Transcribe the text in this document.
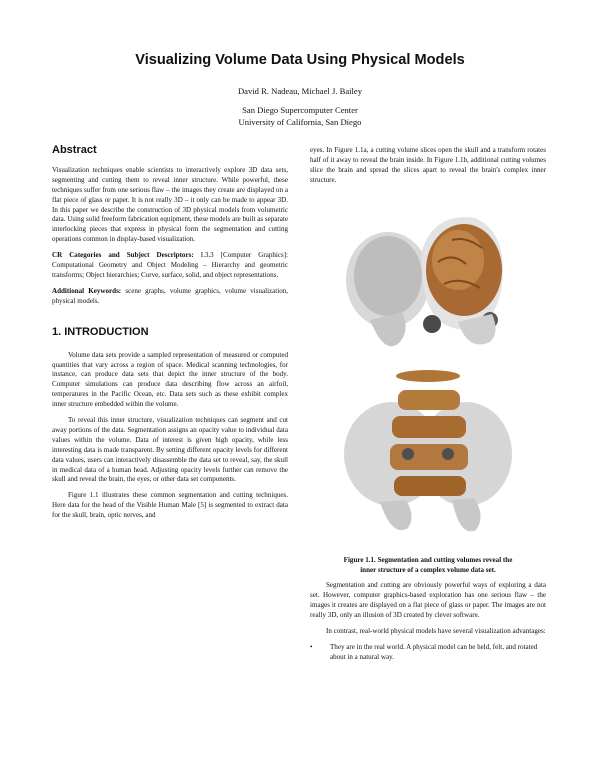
Visualizing Volume Data Using Physical Models
David R. Nadeau, Michael J. Bailey
San Diego Supercomputer Center
University of California, San Diego
Abstract

Visualization techniques enable scientists to interactively explore 3D data sets, segmenting and cutting them to reveal inner structure. While powerful, these techniques suffer from one serious flaw – the images they create are displayed on a flat piece of glass or paper. It is not really 3D – it only can be made to appear 3D. In this paper we describe the construction of 3D physical models from volumetric data. Using solid freeform fabrication equipment, these models are built as separate interlocking pieces that express in physical form the segmentation and cutting operations common in display-based visualization.

CR Categories and Subject Descriptors: I.3.3 [Computer Graphics]: Computational Geometry and Object Modeling – Hierarchy and geometric transforms; Object hierarchies; Curve, surface, solid, and object representations.

Additional Keywords: scene graphs, volume graphics, volume visualization, physical models.

1. INTRODUCTION

Volume data sets provide a sampled representation of measured or computed quantities that vary across a region of space. Medical scanning technologies, for instance, can produce data sets that depict the inner structure of the body. Computer simulations can produce data describing flow across an airfoil, temperatures in the Pacific Ocean, etc. Data sets such as these exhibit complex inner structure embedded within the volume.

To reveal this inner structure, visualization techniques can segment and cut away portions of the data. Segmentation assigns an opacity value to individual data values within the volume. Data of interest is given high opacity, while less interesting data is made transparent. By setting different opacity levels for different data values, users can interactively disassemble the data set to reveal, say, the skull in medical data of a human head. Adjusting opacity levels further can remove the skull and reveal the brain, the eyes, or other data set components.

Figure 1.1 illustrates these common segmentation and cutting techniques. Here data for the head of the Visible Human Male [5] is segmented to extract data for the skull, brain, optic nerves, and

eyes. In Figure 1.1a, a cutting volume slices open the skull and a transform rotates half of it away to reveal the brain inside. In Figure 1.1b, additional cutting volumes slice the brain and spread the slices apart to reveal the brain's complex inner structure.

Figure 1.1. Segmentation and cutting volumes reveal the
inner structure of a complex volume data set.

Segmentation and cutting are obviously powerful ways of exploring a data set. However, computer graphics-based exploration has one serious flaw – the images it creates are displayed on a flat piece of glass or paper. The images are not really 3D, only an illusion of 3D created by clever software.

In contrast, real-world physical models have several visualization advantages:

•	They are in the real world. A physical model can be held, felt, and rotated about in a natural way.
